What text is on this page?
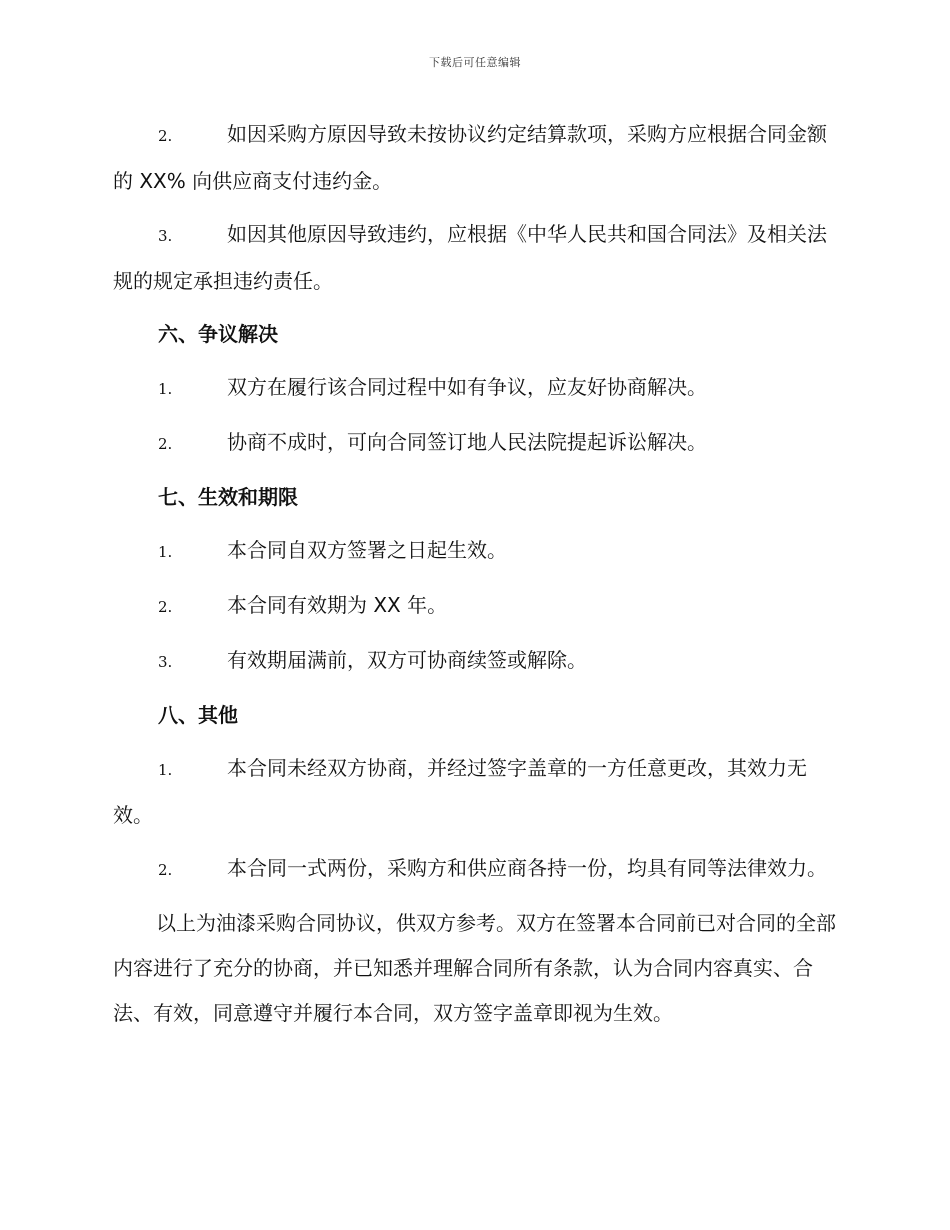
下载后可任意编辑

2.	如因采购方原因导致未按协议约定结算款项，采购方应根据合同金额的 XX% 向供应商支付违约金。

3.	如因其他原因导致违约，应根据《中华人民共和国合同法》及相关法规的规定承担违约责任。

六、争议解决

1.	双方在履行该合同过程中如有争议，应友好协商解决。

2.	协商不成时，可向合同签订地人民法院提起诉讼解决。

七、生效和期限

1.	本合同自双方签署之日起生效。

2.	本合同有效期为 XX 年。

3.	有效期届满前，双方可协商续签或解除。

八、其他

1.	本合同未经双方协商，并经过签字盖章的一方任意更改，其效力无效。

2.	本合同一式两份，采购方和供应商各持一份，均具有同等法律效力。

以上为油漆采购合同协议，供双方参考。双方在签署本合同前已对合同的全部内容进行了充分的协商，并已知悉并理解合同所有条款，认为合同内容真实、合法、有效，同意遵守并履行本合同，双方签字盖章即视为生效。
